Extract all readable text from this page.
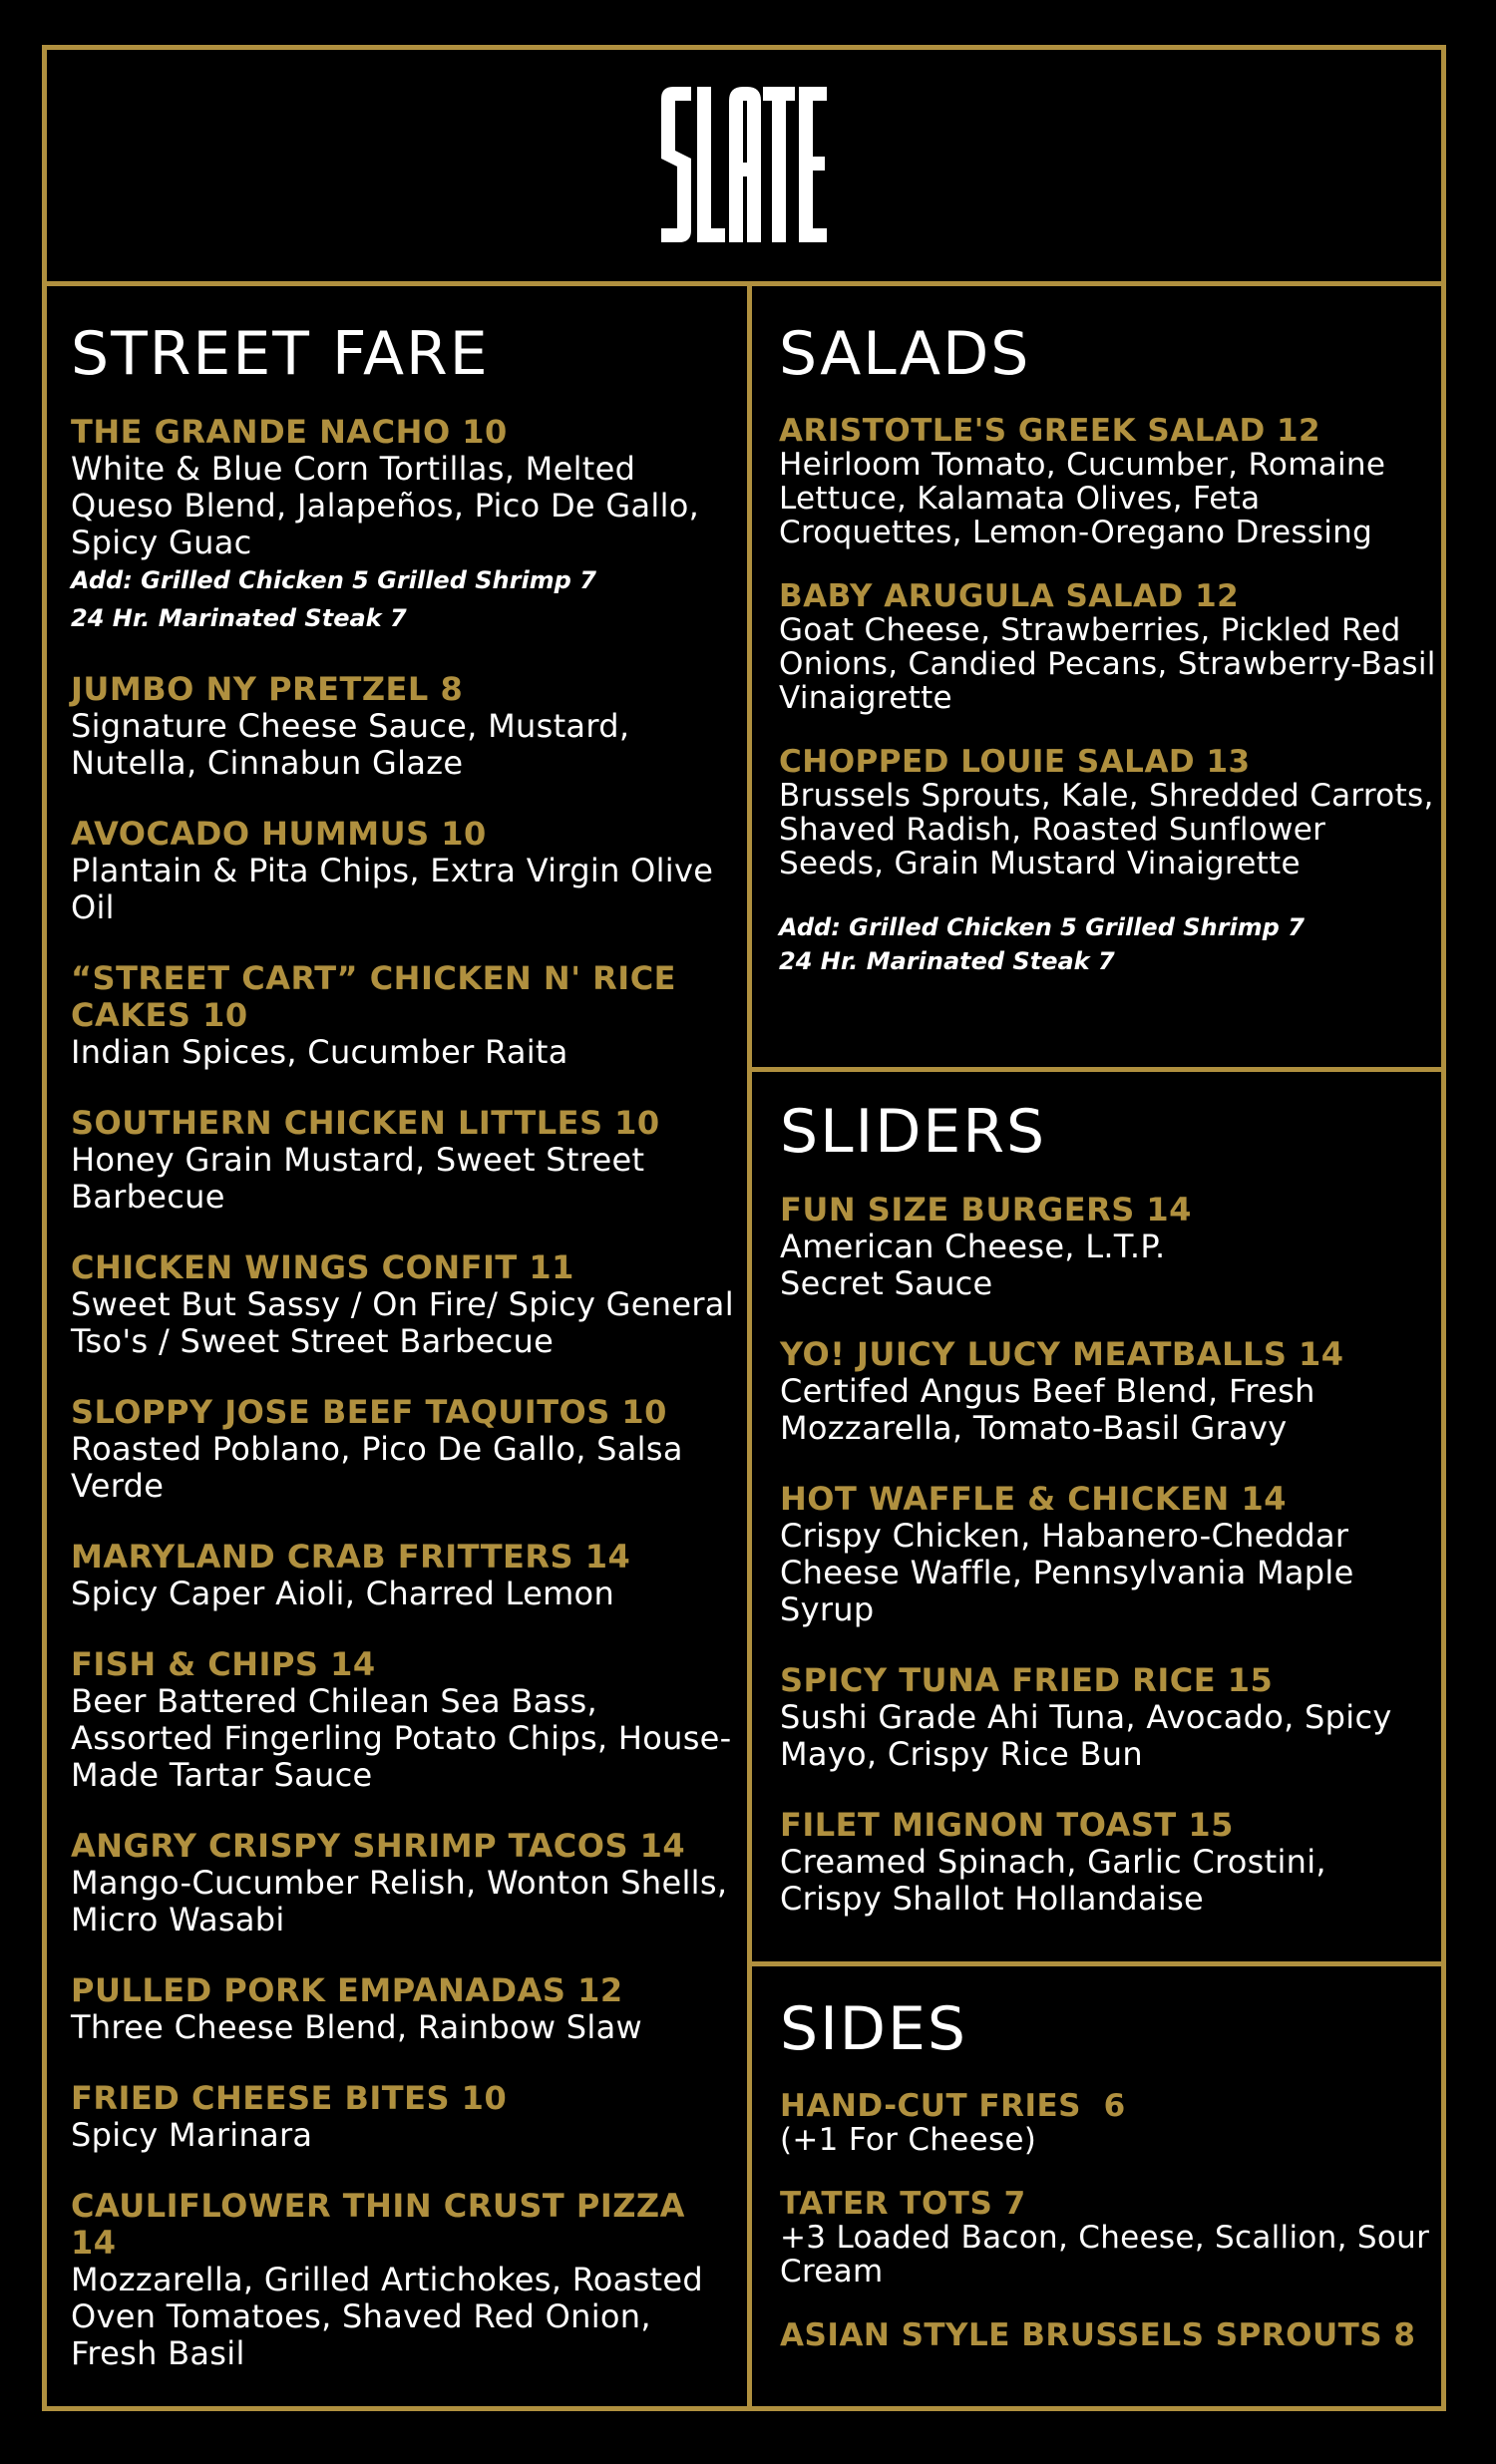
STREET FARE
THE GRANDE NACHO 10
White & Blue Corn Tortillas, Melted Queso Blend, Jalapeños, Pico De Gallo, Spicy Guac
Add: Grilled Chicken 5 Grilled Shrimp 7
24 Hr. Marinated Steak 7
JUMBO NY PRETZEL 8
Signature Cheese Sauce, Mustard, Nutella, Cinnabun Glaze
AVOCADO HUMMUS 10
Plantain & Pita Chips, Extra Virgin Olive Oil
“STREET CART” CHICKEN N' RICE CAKES 10
Indian Spices, Cucumber Raita
SOUTHERN CHICKEN LITTLES 10
Honey Grain Mustard, Sweet Street Barbecue
CHICKEN WINGS CONFIT 11
Sweet But Sassy / On Fire/ Spicy General Tso's / Sweet Street Barbecue
SLOPPY JOSE BEEF TAQUITOS 10
Roasted Poblano, Pico De Gallo, Salsa Verde
MARYLAND CRAB FRITTERS 14
Spicy Caper Aioli, Charred Lemon
FISH & CHIPS 14
Beer Battered Chilean Sea Bass, Assorted Fingerling Potato Chips, House-Made Tartar Sauce
ANGRY CRISPY SHRIMP TACOS 14
Mango-Cucumber Relish, Wonton Shells, Micro Wasabi
PULLED PORK EMPANADAS 12
Three Cheese Blend, Rainbow Slaw
FRIED CHEESE BITES 10
Spicy Marinara
CAULIFLOWER THIN CRUST PIZZA 14
Mozzarella, Grilled Artichokes, Roasted Oven Tomatoes, Shaved Red Onion, Fresh Basil
SALADS
ARISTOTLE'S GREEK SALAD 12
Heirloom Tomato, Cucumber, Romaine Lettuce, Kalamata Olives, Feta Croquettes, Lemon-Oregano Dressing
BABY ARUGULA SALAD 12
Goat Cheese, Strawberries, Pickled Red Onions, Candied Pecans, Strawberry-Basil Vinaigrette
CHOPPED LOUIE SALAD 13
Brussels Sprouts, Kale, Shredded Carrots, Shaved Radish, Roasted Sunflower Seeds, Grain Mustard Vinaigrette
Add: Grilled Chicken 5 Grilled Shrimp 7
24 Hr. Marinated Steak 7
SLIDERS
FUN SIZE BURGERS 14
American Cheese, L.T.P.
Secret Sauce
YO! JUICY LUCY MEATBALLS 14
Certifed Angus Beef Blend, Fresh Mozzarella, Tomato-Basil Gravy
HOT WAFFLE & CHICKEN 14
Crispy Chicken, Habanero-Cheddar Cheese Waffle, Pennsylvania Maple Syrup
SPICY TUNA FRIED RICE 15
Sushi Grade Ahi Tuna, Avocado, Spicy Mayo, Crispy Rice Bun
FILET MIGNON TOAST 15
Creamed Spinach, Garlic Crostini, Crispy Shallot Hollandaise
SIDES
HAND-CUT FRIES  6
(+1 For Cheese)
TATER TOTS 7
+3 Loaded Bacon, Cheese, Scallion, Sour Cream
ASIAN STYLE BRUSSELS SPROUTS 8
